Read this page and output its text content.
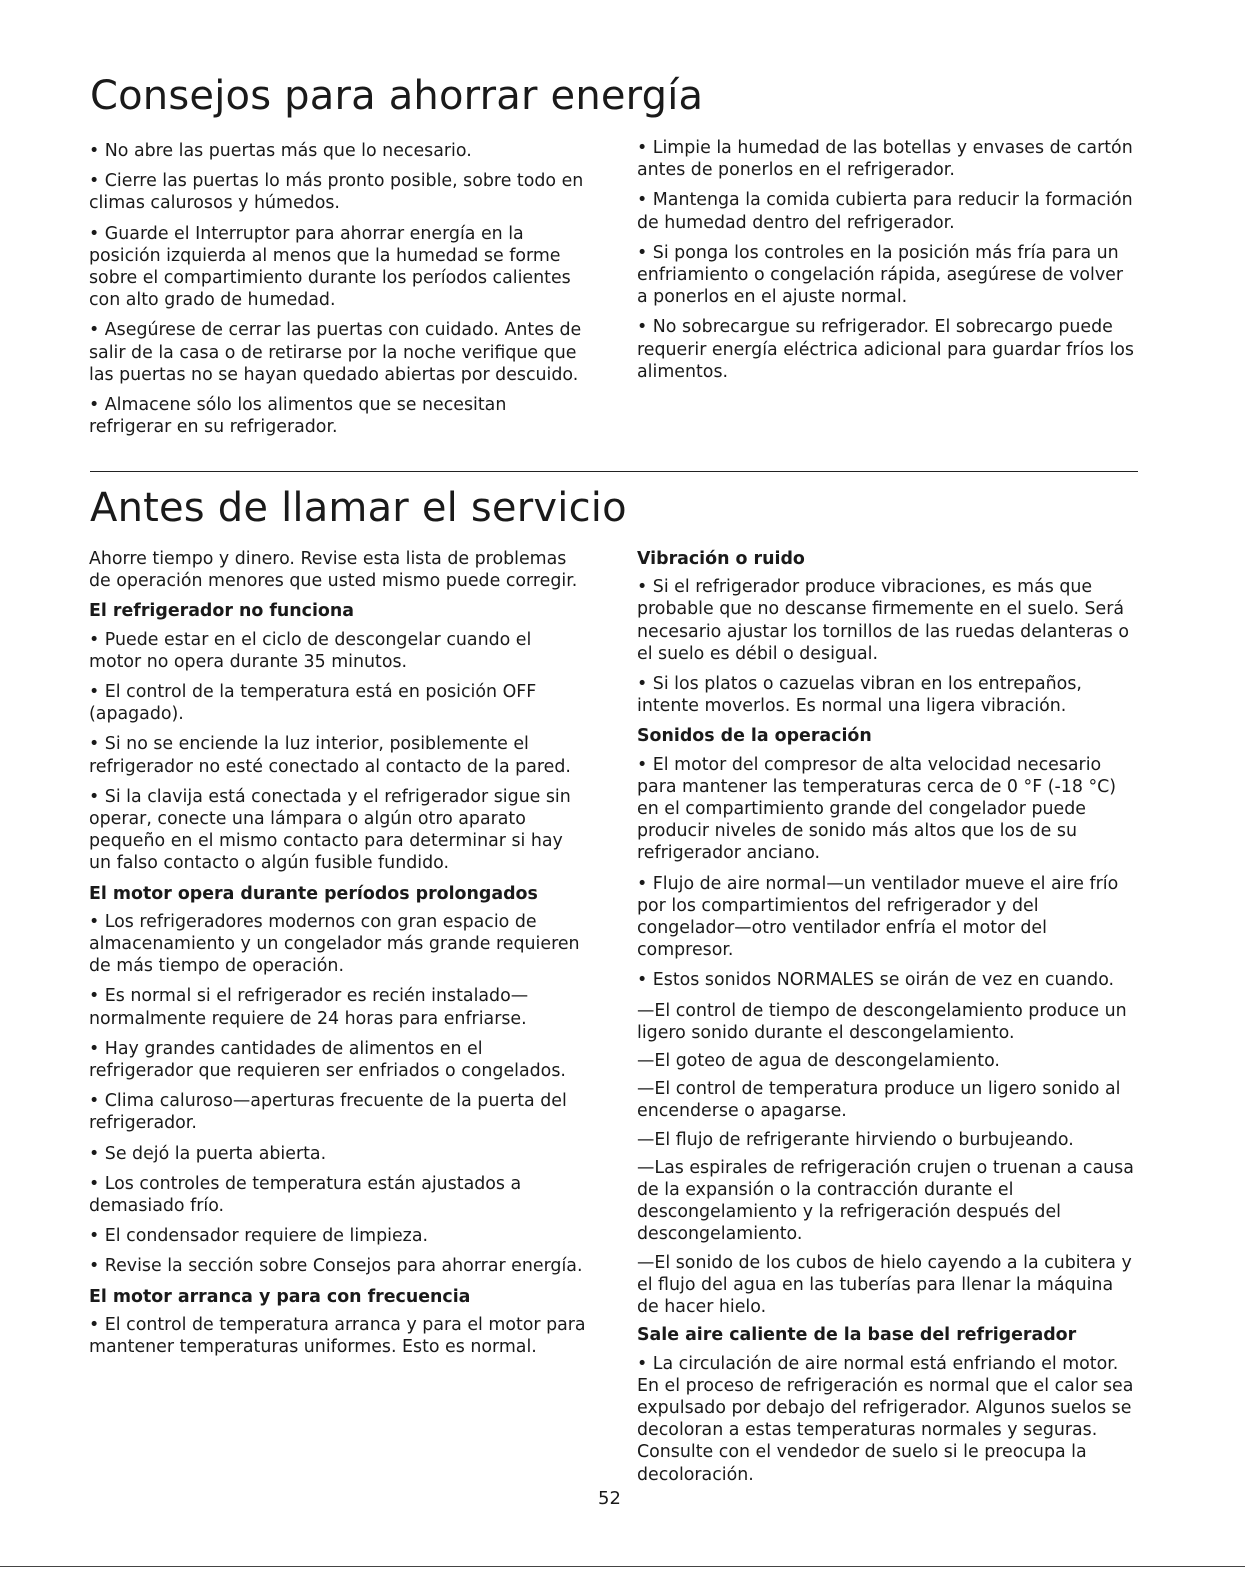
Consejos para ahorrar energía

• No abre las puertas más que lo necesario.

• Cierre las puertas lo más pronto posible, sobre todo en climas calurosos y húmedos.

• Guarde el Interruptor para ahorrar energía en la posición izquierda al menos que la humedad se forme sobre el compartimiento durante los períodos calientes con alto grado de humedad.

• Asegúrese de cerrar las puertas con cuidado. Antes de salir de la casa o de retirarse por la noche verifique que las puertas no se hayan quedado abiertas por descuido.

• Almacene sólo los alimentos que se necesitan refrigerar en su refrigerador.

• Limpie la humedad de las botellas y envases de cartón antes de ponerlos en el refrigerador.

• Mantenga la comida cubierta para reducir la formación de humedad dentro del refrigerador.

• Si ponga los controles en la posición más fría para un enfriamiento o congelación rápida, asegúrese de volver a ponerlos en el ajuste normal.

• No sobrecargue su refrigerador. El sobrecargo puede requerir energía eléctrica adicional para guardar fríos los alimentos.

Antes de llamar el servicio

Ahorre tiempo y dinero. Revise esta lista de problemas de operación menores que usted mismo puede corregir.

El refrigerador no funciona

• Puede estar en el ciclo de descongelar cuando el motor no opera durante 35 minutos.

• El control de la temperatura está en posición OFF (apagado).

• Si no se enciende la luz interior, posiblemente el refrigerador no esté conectado al contacto de la pared.

• Si la clavija está conectada y el refrigerador sigue sin operar, conecte una lámpara o algún otro aparato pequeño en el mismo contacto para determinar si hay un falso contacto o algún fusible fundido.

El motor opera durante períodos prolongados

• Los refrigeradores modernos con gran espacio de almacenamiento y un congelador más grande requieren de más tiempo de operación.

• Es normal si el refrigerador es recién instalado—normalmente requiere de 24 horas para enfriarse.

• Hay grandes cantidades de alimentos en el refrigerador que requieren ser enfriados o congelados.

• Clima caluroso—aperturas frecuente de la puerta del refrigerador.

• Se dejó la puerta abierta.

• Los controles de temperatura están ajustados a demasiado frío.

• El condensador requiere de limpieza.

• Revise la sección sobre Consejos para ahorrar energía.

El motor arranca y para con frecuencia

• El control de temperatura arranca y para el motor para mantener temperaturas uniformes. Esto es normal.

Vibración o ruido

• Si el refrigerador produce vibraciones, es más que probable que no descanse firmemente en el suelo. Será necesario ajustar los tornillos de las ruedas delanteras o el suelo es débil o desigual.

• Si los platos o cazuelas vibran en los entrepaños, intente moverlos. Es normal una ligera vibración.

Sonidos de la operación

• El motor del compresor de alta velocidad necesario para mantener las temperaturas cerca de 0 °F (-18 °C) en el compartimiento grande del congelador puede producir niveles de sonido más altos que los de su refrigerador anciano.

• Flujo de aire normal—un ventilador mueve el aire frío por los compartimientos del refrigerador y del congelador—otro ventilador enfría el motor del compresor.

• Estos sonidos NORMALES se oirán de vez en cuando.

—El control de tiempo de descongelamiento produce un ligero sonido durante el descongelamiento.

—El goteo de agua de descongelamiento.

—El control de temperatura produce un ligero sonido al encenderse o apagarse.

—El flujo de refrigerante hirviendo o burbujeando.

—Las espirales de refrigeración crujen o truenan a causa de la expansión o la contracción durante el descongelamiento y la refrigeración después del descongelamiento.

—El sonido de los cubos de hielo cayendo a la cubitera y el flujo del agua en las tuberías para llenar la máquina de hacer hielo.

Sale aire caliente de la base del refrigerador

• La circulación de aire normal está enfriando el motor. En el proceso de refrigeración es normal que el calor sea expulsado por debajo del refrigerador. Algunos suelos se decoloran a estas temperaturas normales y seguras. Consulte con el vendedor de suelo si le preocupa la decoloración.

52
